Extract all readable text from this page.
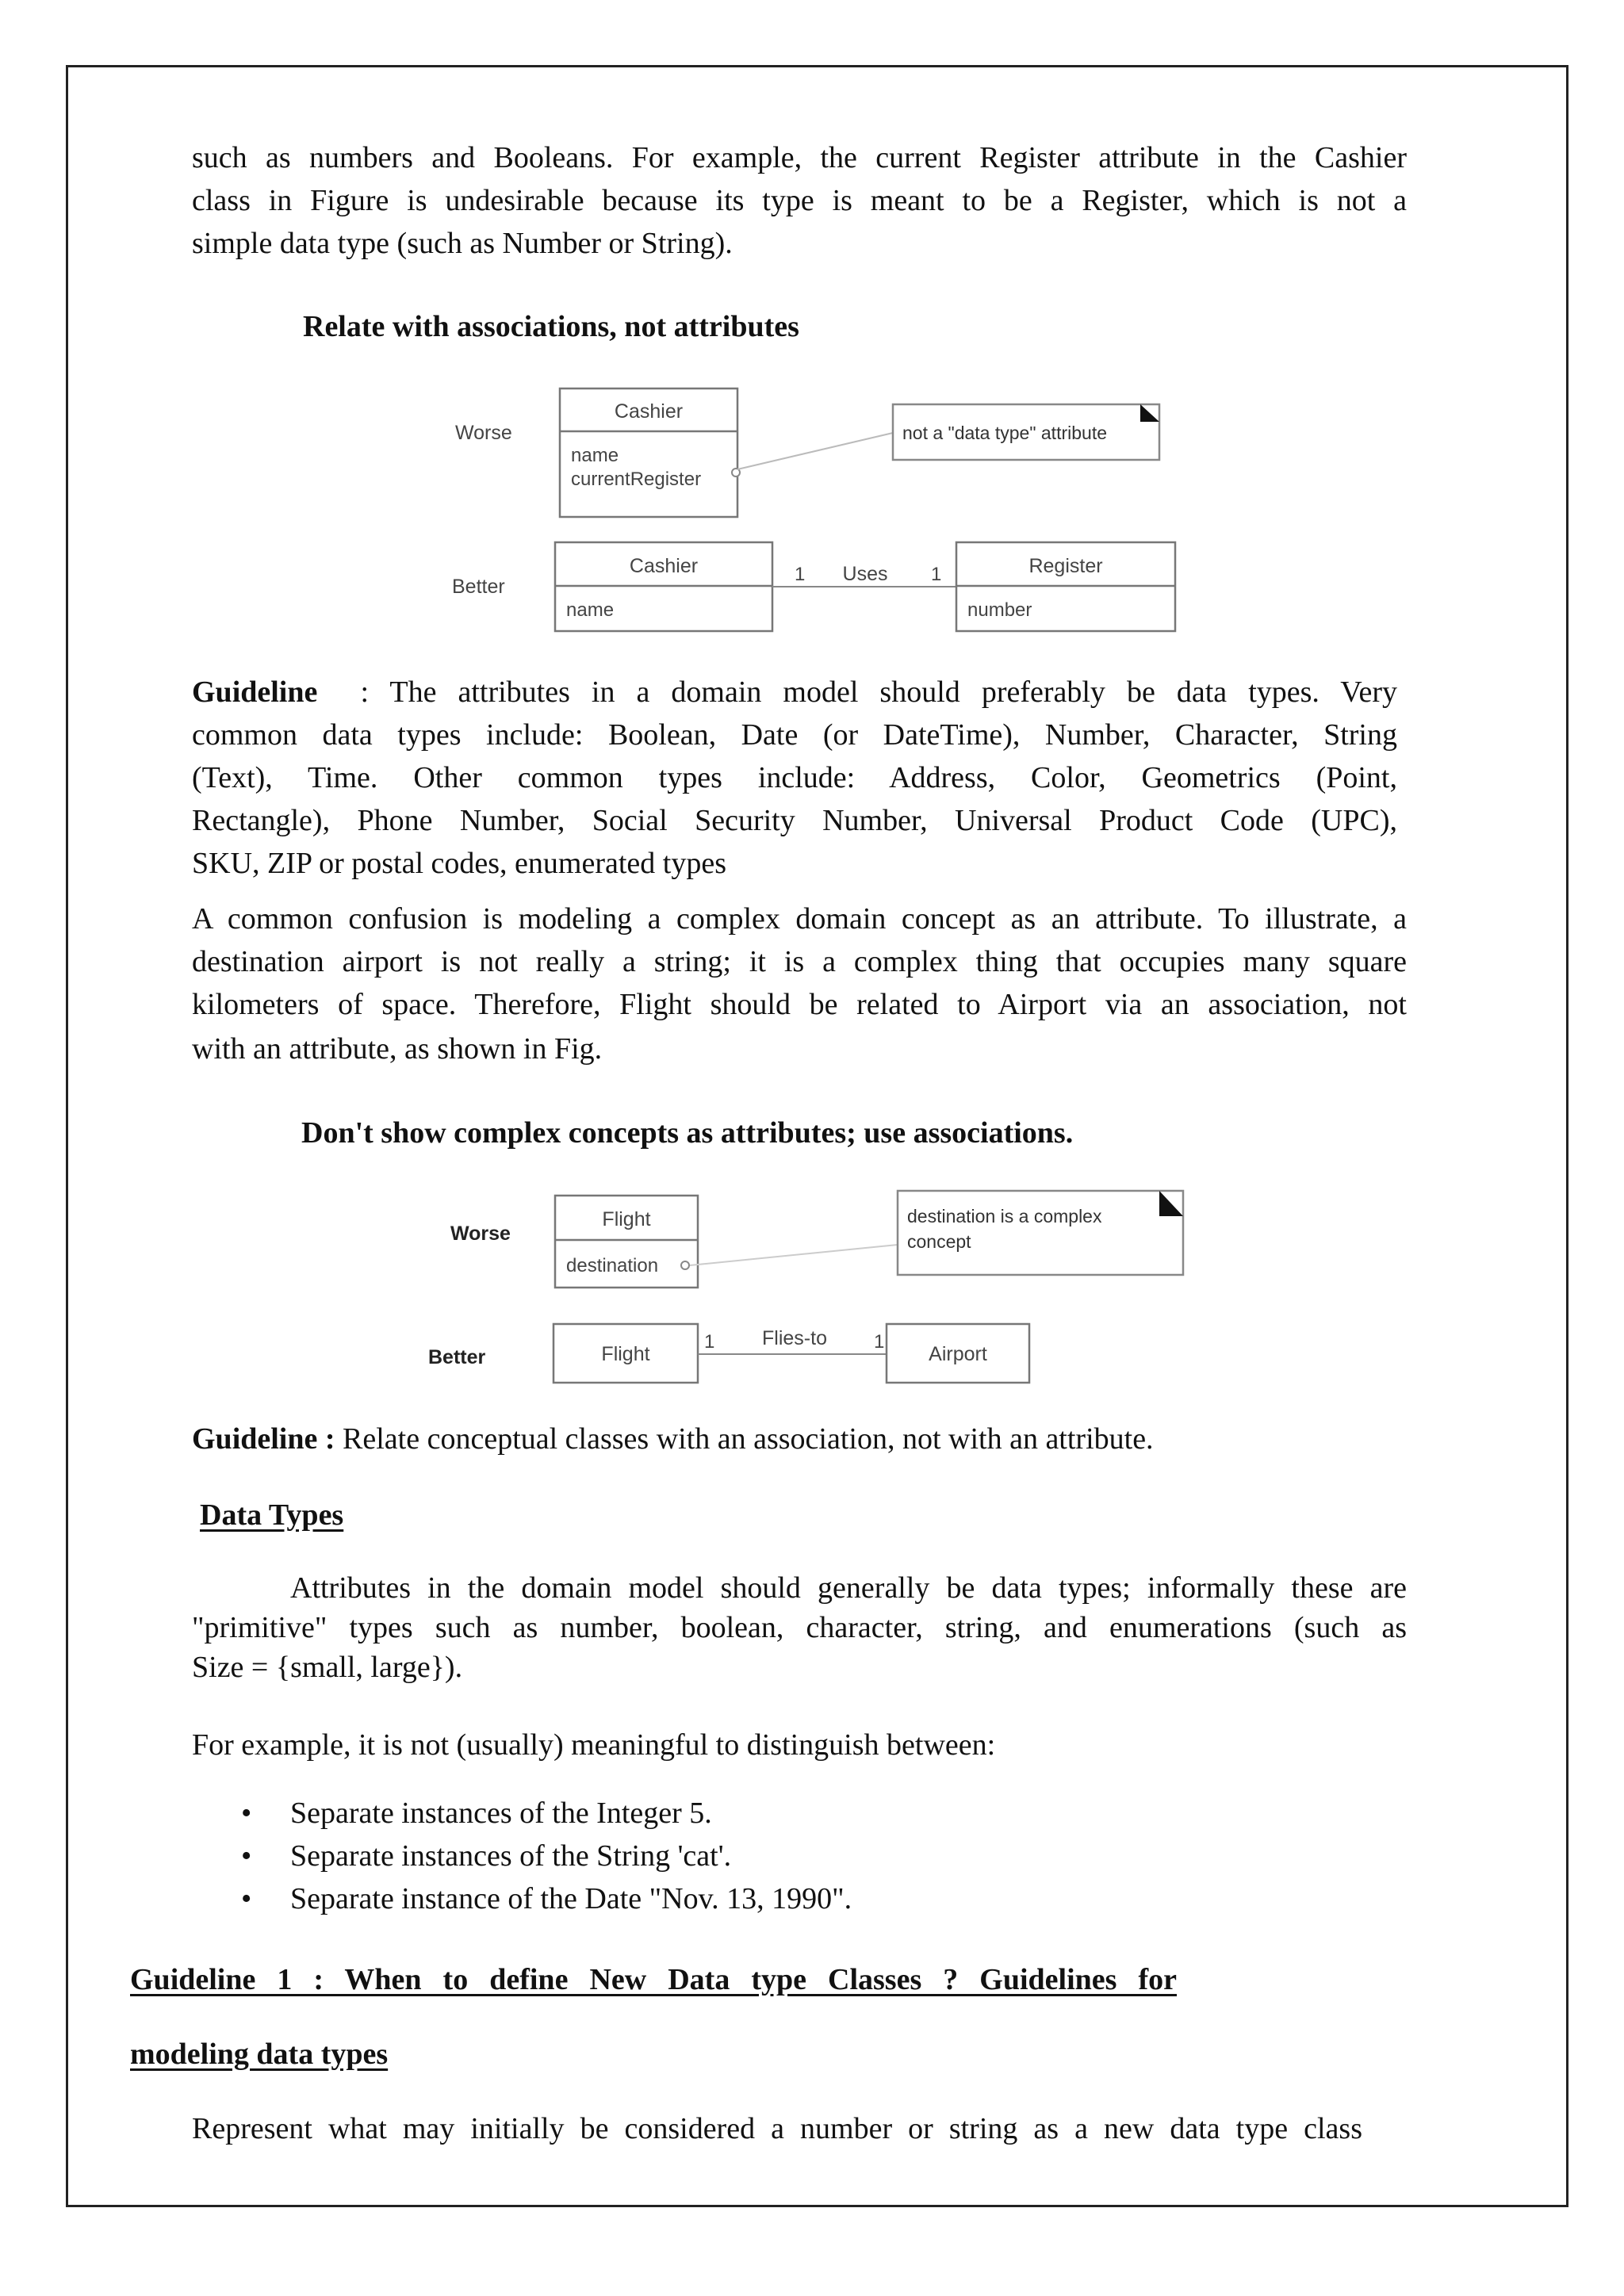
such as numbers and Booleans. For example, the current Register attribute in the Cashier

class in Figure is undesirable because its type is meant to be a Register, which is not a

simple data type (such as Number or String).

Relate with associations, not attributes
Worse
Better
Cashier
name
currentRegister
not a "data type" attribute
Cashier
name
1 Uses 1	Register
number

Guideline : The attributes in a domain model should preferably be data types. Very

common data types include: Boolean, Date (or DateTime), Number, Character, String

(Text), Time. Other common types include: Address, Color, Geometrics (Point,

Rectangle), Phone Number, Social Security Number, Universal Product Code (UPC),

SKU, ZIP or postal codes, enumerated types

A common confusion is modeling a complex domain concept as an attribute. To illustrate, a

destination airport is not really a string; it is a complex thing that occupies many square

kilometers of space. Therefore, Flight should be related to Airport via an association, not

with an attribute, as shown in Fig.

Don't show complex concepts as attributes; use associations.
Worse
Better
Flight
destination
destination is a complex
concept
Flight
1 Flies-to 1
Airport

Guideline : Relate conceptual classes with an association, not with an attribute.

Data Types

Attributes in the domain model should generally be data types; informally these are

"primitive" types such as number, boolean, character, string, and enumerations (such as

Size = {small, large}).

For example, it is not (usually) meaningful to distinguish between:

• Separate instances of the Integer 5.
• Separate instances of the String 'cat'.
• Separate instance of the Date "Nov. 13, 1990".

Guideline 1 : When to define New Data type Classes ? Guidelines for

modeling data types

Represent what may initially be considered a number or string as a new data type class
